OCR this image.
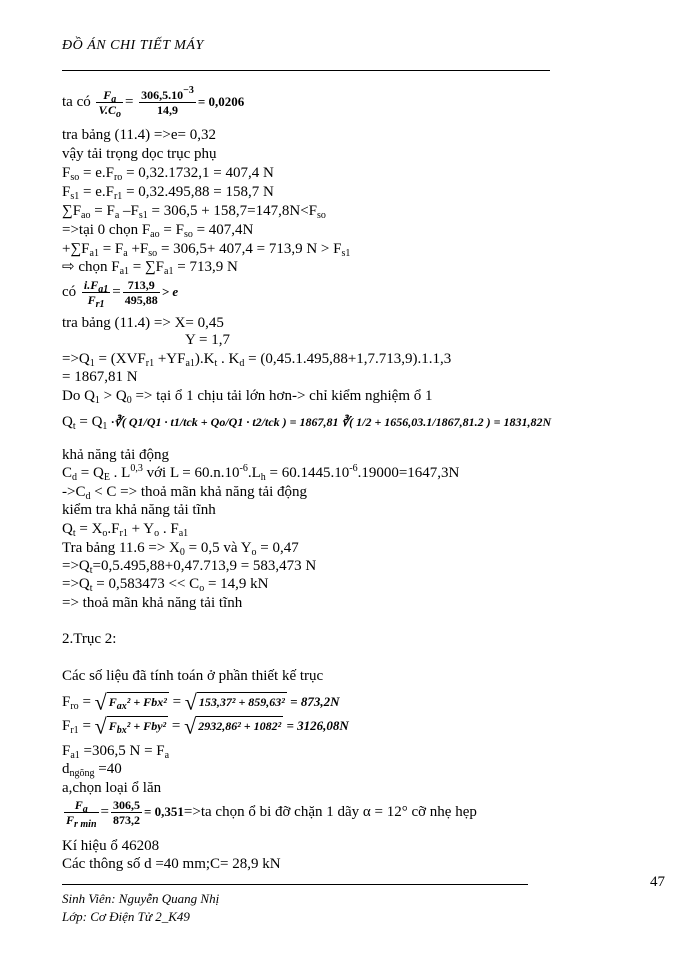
ĐỒ ÁN CHI TIẾT MÁY
ta có $\frac{F_a}{V.C_o} = \frac{306,5.10^{-3}}{14,9} = 0,0206$
tra bảng (11.4) =>e= 0,32
vậy tải trọng dọc trục phụ
$F_{so} = e.F_{ro} = 0,32.1732,1 = 407,4$ N
$F_{s1} = e.F_{r1} = 0,32.495,88 = 158,7$ N
$\sum F_{ao} = F_a$ $-F_{s1} = 306,5 + 158,7=147,8N<F_{so}$
=>tại 0 chọn $F_{ao} = F_{so} = 407,4N$
$+\sum F_{a1} = F_a +F_{so} = 306,5+ 407,4 = 713,9$ $N > F_{s1}$
⇨ chọn $F_{a1} = \sum F_{a1} = 713,9$ N
có $\frac{i.F_{a1}}{F_{r1}} = \frac{713,9}{495,88} > e$
tra bảng (11.4) => X= 0,45
Y = 1,7
$=>Q_1 = (XVF_{r1} +YF_{a1}).K_t$ . $K_d = (0,45.1.495,88+1,7.713,9).1.1,3$
= 1867,81 N
Do $Q_1 > Q_0$ => tại ổ 1 chịu tải lớn hơn-> chỉ kiểm nghiệm ổ 1
$Q_t = Q_1$ ·∛( Q1/Q1 · t1/tck + Qo/Q1 · t2/tck ) = 1867,81 ∛( 1/2 + 1656,03.1/1867,81.2 ) = 1831,82N
khả năng tải động
$C_d = Q_E$ . L$^{0,3}$ với $L = 60.n.10^{-6}.L_h = 60.1445.10^{-6}.19000=1647,3N$
$->C_d < C$ => thoả mãn khả năng tải động
kiểm tra khả năng tải tĩnh
$Q_t = X_o.F_{r1} + Y_o$ . $F_{a1}$
Tra bảng $11.6 => X_0 = 0,5$ và $Y_o = 0,47$
$=>Q_t=0,5.495,88+0,47.713,9 = 583,473$ N
$=>Q_t = 0,583473 << C_o = 14,9$ kN
=> thoả mãn khả năng tải tĩnh
2.Trục 2:
Các số liệu đã tính toán ở phần thiết kế trục
$F_{ro}$ = √ $F_{ax}^2 + Fbx^2$ = √ 153,37² + 859,63² = 873,2N
$F_{r1}$ = √ $F_{bx}^2 + Fby^2$ = √ 2932,86² + 1082² = 3126,08N
$F_{a1} =306,5$ $N = F_a$
$d_{ngõng} =40$
a,chọn loại ổ lăn
$\frac{F_a}{F_{r min}} = \frac{306,5}{873,2} = 0,351=>ta$ chọn ổ bi đỡ chặn 1 dãy α = 12° cỡ nhẹ hẹp
Kí hiệu ổ 46208
Các thông số d =40 mm;C= 28,9 kN
47
Sinh Viên: Nguyễn Quang Nhị
Lớp: Cơ Điện Tử 2_K49
